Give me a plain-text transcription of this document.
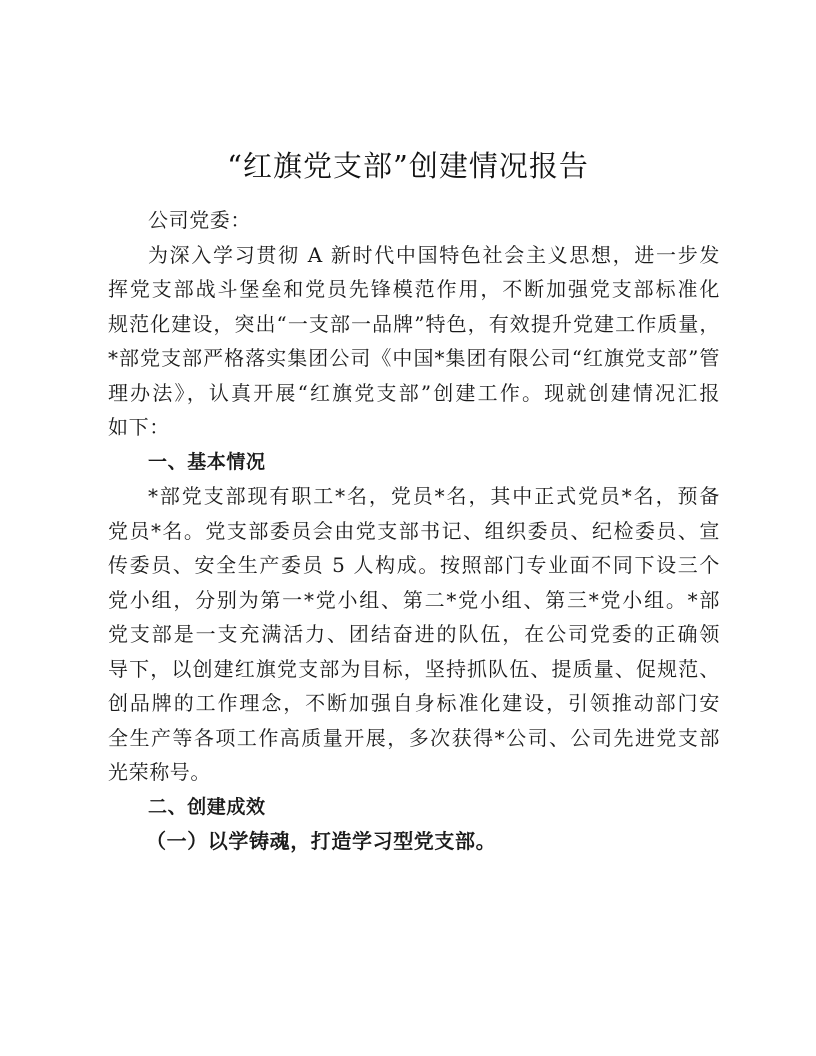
“红旗党支部”创建情况报告
公司党委：
为深入学习贯彻 A 新时代中国特色社会主义思想，进一步发
挥党支部战斗堡垒和党员先锋模范作用，不断加强党支部标准化
规范化建设，突出“一支部一品牌”特色，有效提升党建工作质量，
*部党支部严格落实集团公司《中国*集团有限公司“红旗党支部”管
理办法》，认真开展“红旗党支部”创建工作。现就创建情况汇报
如下：
一、基本情况
*部党支部现有职工*名，党员*名，其中正式党员*名，预备
党员*名。党支部委员会由党支部书记、组织委员、纪检委员、宣
传委员、安全生产委员 5 人构成。按照部门专业面不同下设三个
党小组，分别为第一*党小组、第二*党小组、第三*党小组。*部
党支部是一支充满活力、团结奋进的队伍，在公司党委的正确领
导下，以创建红旗党支部为目标，坚持抓队伍、提质量、促规范、
创品牌的工作理念，不断加强自身标准化建设，引领推动部门安
全生产等各项工作高质量开展，多次获得*公司、公司先进党支部
光荣称号。
二、创建成效
（一）以学铸魂，打造学习型党支部。
